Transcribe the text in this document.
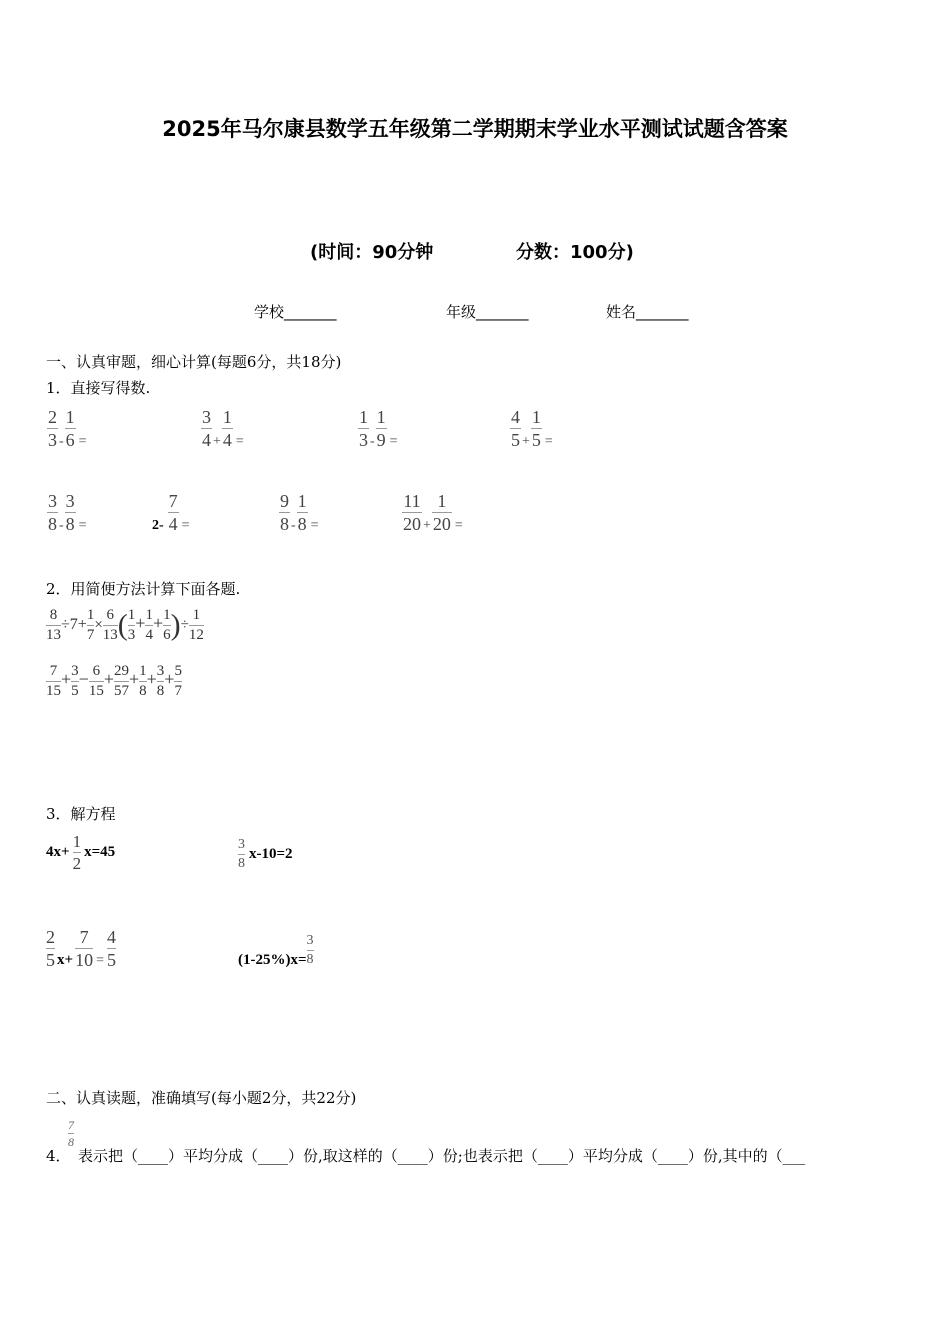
2025年马尔康县数学五年级第二学期期末学业水平测试试题含答案
(时间：90分钟	分数：100分)
学校_______	年级_______	姓名_______
一、认真审题，细心计算(每题6分，共18分)
1．直接写得数.
$\frac{2}{3} _- \frac{1}{6} _=$	$\frac{3}{4} _+ \frac{1}{4} _=$	$\frac{1}{3} _- \frac{1}{9} _=$	$\frac{4}{5} _+ \frac{1}{5} _=$
$\frac{3}{8} _- \frac{3}{8} _=$	$_{2-} \frac{7}{4} _=$	$\frac{9}{8} _- \frac{1}{8} _=$	$\frac{11}{20} _+ \frac{1}{20} _=$
2．用简便方法计算下面各题.
$\frac{8}{13} \div 7+ \frac{1}{7} \times \frac{6}{13}$ ( $\frac{1}{3} + \frac{1}{4} + \frac{1}{6}$ )÷ $\frac{1}{12}$
$\frac{7}{15} + \frac{3}{5} - \frac{6}{15} + \frac{29}{57} + \frac{1}{8} + \frac{3}{8} + \frac{5}{7}$
3．解方程
$4x+ \frac{1}{2} x=45$	$\frac{3}{8} x-10=2$
$\frac{2}{5} x+ \frac{7}{10} = \frac{4}{5}$	$(1-25\%)x= \frac{3}{8}$
二、认真读题，准确填写(每小题2分，共22分)
4．
$\frac{7}{8}$
表示把（____）平均分成（____）份,取这样的（____）份;也表示把（____）平均分成（____）份,其中的（___
